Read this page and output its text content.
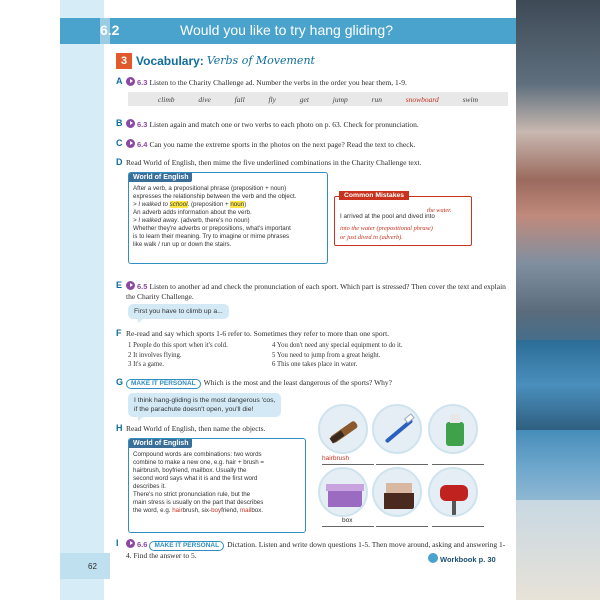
6.2	Would you like to try hang gliding?
3 Vocabulary: Verbs of Movement
A	6.3 Listen to the Charity Challenge ad. Number the verbs in the order you hear them, 1-9.
climb	dive	fall	fly	get	jump	run	snowboard	swim
B	6.3 Listen again and match one or two verbs to each photo on p. 63. Check for pronunciation.
C	6.4 Can you name the extreme sports in the photos on the next page? Read the text to check.
D Read World of English, then mime the five underlined combinations in the Charity Challenge text.
World of English
After a verb, a prepositional phrase (preposition + noun)
expresses the relationship between the verb and the object.
> I walked to school. (preposition + noun)
An adverb adds information about the verb.
> I walked away. (adverb, there's no noun)
Whether they're adverbs or prepositions, what's important
is to learn their meaning. Try to imagine or mime phrases
like walk / run up or down the stairs.
Common Mistakes
the water.
I arrived at the pool and dived into
into the water (prepositional phrase)
or just dived in (adverb).
E	6.5 Listen to another ad and check the pronunciation of each sport. Which part is stressed? Then cover the text and explain the Charity Challenge.
First you have to climb up a...
F Re-read and say which sports 1-6 refer to. Sometimes they refer to more than one sport.
1 People do this sport when it's cold.
2 It involves flying.
3 It's a game.
4 You don't need any special equipment to do it.
5 You need to jump from a great height.
6 This one takes place in water.
G	MAKE IT PERSONAL Which is the most and the least dangerous of the sports? Why?
I think hang-gliding is the most dangerous 'cos,
if the parachute doesn't open, you'll die!
H Read World of English, then name the objects.
World of English
Compound words are combinations: two words
combine to make a new one, e.g. hair + brush =
hairbrush, boyfriend, mailbox. Usually the
second word says what it is and the first word
describes it.
There's no strict pronunciation rule, but the
main stress is usually on the part that describes
the word, e.g. hairbrush, six-boyfriend, mailbox.
hairbrush
box
I	6.6 MAKE IT PERSONAL Dictation. Listen and write down questions 1-5. Then move around, asking and answering 1-4. Find the answer to 5.	Workbook p. 30
62
